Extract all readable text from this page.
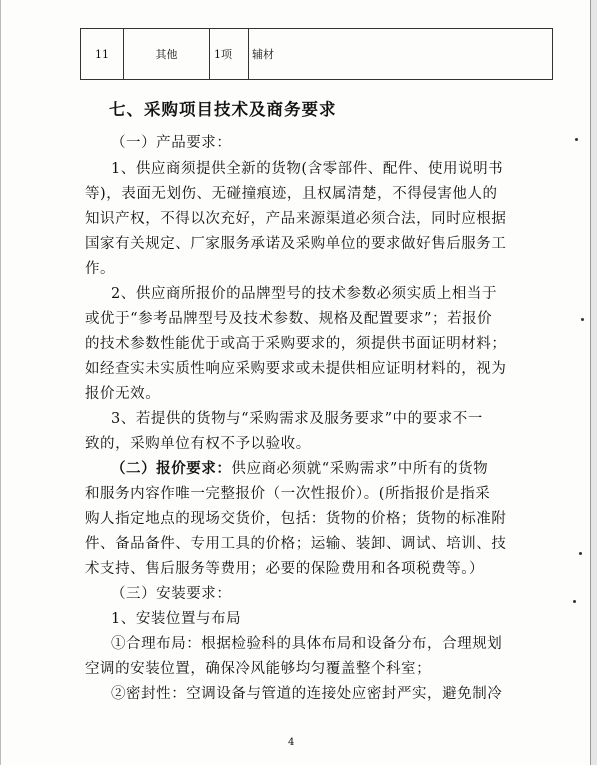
11	其他	1项	辅材
七、采购项目技术及商务要求
（一）产品要求：
1、供应商须提供全新的货物(含零部件、配件、使用说明书
等)，表面无划伤、无碰撞痕迹，且权属清楚，不得侵害他人的
知识产权，不得以次充好，产品来源渠道必须合法，同时应根据
国家有关规定、厂家服务承诺及采购单位的要求做好售后服务工
作。
2、供应商所报价的品牌型号的技术参数必须实质上相当于
或优于“参考品牌型号及技术参数、规格及配置要求”；若报价
的技术参数性能优于或高于采购要求的，须提供书面证明材料；
如经查实未实质性响应采购要求或未提供相应证明材料的，视为
报价无效。
3、若提供的货物与“采购需求及服务要求”中的要求不一
致的，采购单位有权不予以验收。
（二）报价要求：供应商必须就“采购需求”中所有的货物
和服务内容作唯一完整报价（一次性报价）。(所指报价是指采
购人指定地点的现场交货价，包括：货物的价格；货物的标准附
件、备品备件、专用工具的价格；运输、装卸、调试、培训、技
术支持、售后服务等费用；必要的保险费用和各项税费等。）
（三）安装要求：
1、安装位置与布局
①合理布局：根据检验科的具体布局和设备分布，合理规划
空调的安装位置，确保冷风能够均匀覆盖整个科室；
②密封性：空调设备与管道的连接处应密封严实，避免制冷
4
